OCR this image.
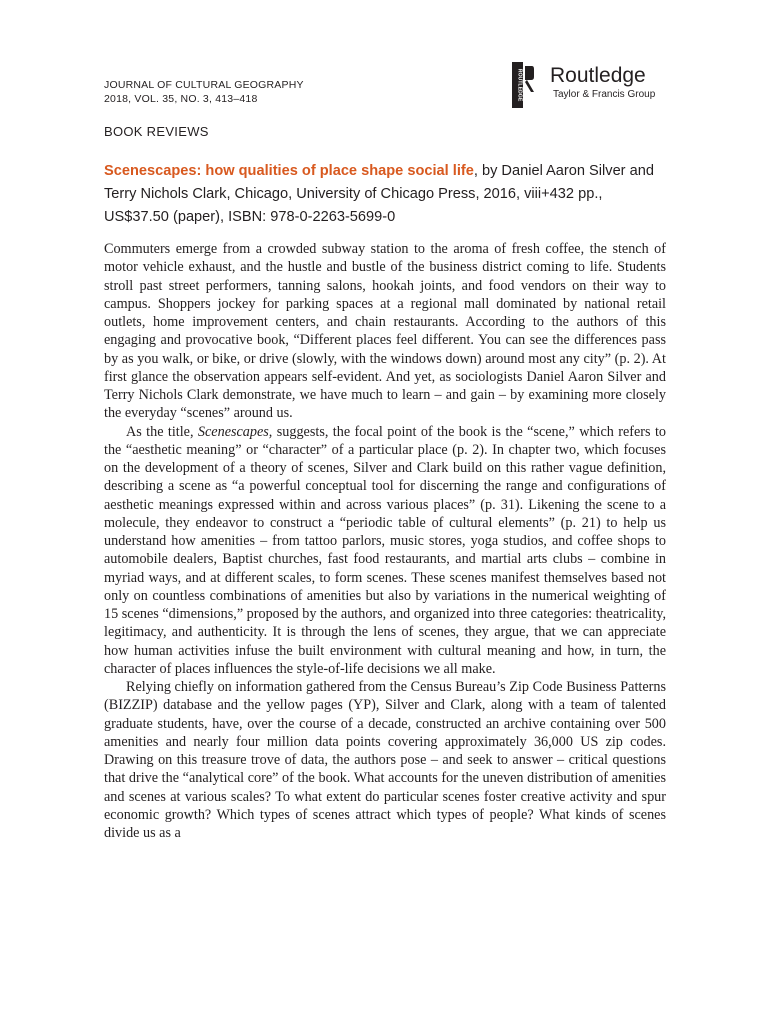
JOURNAL OF CULTURAL GEOGRAPHY
2018, VOL. 35, NO. 3, 413–418	ROUTLEDGE Routledge
Taylor & Francis Group
BOOK REVIEWS

Scenescapes: how qualities of place shape social life, by Daniel Aaron Silver and Terry Nichols Clark, Chicago, University of Chicago Press, 2016, viii+432 pp., US$37.50 (paper), ISBN: 978-0-2263-5699-0

Commuters emerge from a crowded subway station to the aroma of fresh coffee, the stench of motor vehicle exhaust, and the hustle and bustle of the business district coming to life. Students stroll past street performers, tanning salons, hookah joints, and food vendors on their way to campus. Shoppers jockey for parking spaces at a regional mall dominated by national retail outlets, home improvement centers, and chain restaurants. According to the authors of this engaging and provocative book, “Different places feel different. You can see the differences pass by as you walk, or bike, or drive (slowly, with the windows down) around most any city” (p. 2). At first glance the observation appears self-evident. And yet, as sociologists Daniel Aaron Silver and Terry Nichols Clark demonstrate, we have much to learn – and gain – by examining more closely the everyday “scenes” around us.

As the title, Scenescapes, suggests, the focal point of the book is the “scene,” which refers to the “aesthetic meaning” or “character” of a particular place (p. 2). In chapter two, which focuses on the development of a theory of scenes, Silver and Clark build on this rather vague definition, describing a scene as “a powerful conceptual tool for discerning the range and configurations of aesthetic meanings expressed within and across various places” (p. 31). Likening the scene to a molecule, they endeavor to construct a “periodic table of cultural elements” (p. 21) to help us understand how amenities – from tattoo parlors, music stores, yoga studios, and coffee shops to automobile dealers, Baptist churches, fast food restaurants, and martial arts clubs – combine in myriad ways, and at different scales, to form scenes. These scenes manifest themselves based not only on countless combinations of amenities but also by variations in the numerical weighting of 15 scenes “dimensions,” proposed by the authors, and organized into three categories: theatricality, legitimacy, and authenticity. It is through the lens of scenes, they argue, that we can appreciate how human activities infuse the built environment with cultural meaning and how, in turn, the character of places influences the style-of-life decisions we all make.

Relying chiefly on information gathered from the Census Bureau’s Zip Code Business Patterns (BIZZIP) database and the yellow pages (YP), Silver and Clark, along with a team of talented graduate students, have, over the course of a decade, constructed an archive containing over 500 amenities and nearly four million data points covering approximately 36,000 US zip codes. Drawing on this treasure trove of data, the authors pose – and seek to answer – critical questions that drive the “analytical core” of the book. What accounts for the uneven distribution of amenities and scenes at various scales? To what extent do particular scenes foster creative activity and spur economic growth? Which types of scenes attract which types of people? What kinds of scenes divide us as a
